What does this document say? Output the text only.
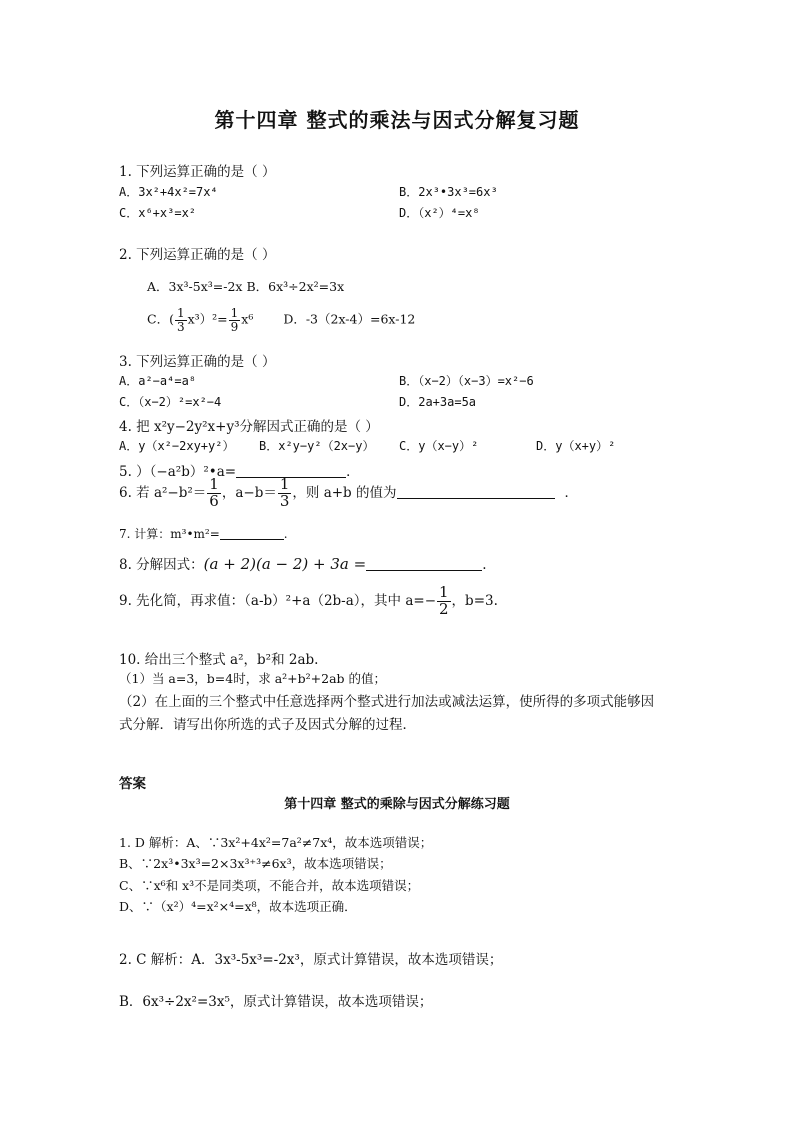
第十四章 整式的乘法与因式分解复习题
1. 下列运算正确的是（ ）
A．3x²+4x²=7x⁴	B．2x³•3x³=6x³
C．x⁶+x³=x²	D．（x²）⁴=x⁸
2. 下列运算正确的是（ ）
A．3x³-5x³=-2x B．6x³÷2x²=3x
C．( $\frac{1}{3} x^3)^2= \frac{1}{9} x^6$ D．-3（2x-4）=6x-12
3. 下列运算正确的是（ ）
A．a²−a⁴=a⁸	B．（x−2）（x−3）=x²−6
C．（x−2）²=x²−4	D．2a+3a=5a
4. 把 x²y−2y²x+y³分解因式正确的是（ ）
A．y（x²−2xy+y²） B．x²y−y²（2x−y） C．y（x−y）²	D．y（x+y）²
5. ）（−a²b）²•a=	．
6. 若 $a^2-b^2= \frac{1}{6}$ ，$a-b= \frac{1}{3}$ ，则 a+b 的值为	．
7. 计算：m³•m²=	.
8. 分解因式：(a + 2)(a − 2) + 3a =	.
9. 先化简，再求值：（a-b）²+a（2b-a），其中 $a=- \frac{1}{2}$ ，b=3.
10. 给出三个整式 a²，b²和 2ab.
（1）当 a=3，b=4时，求 a²+b²+2ab 的值；
（2）在上面的三个整式中任意选择两个整式进行加法或减法运算，使所得的多项式能够因
式分解．请写出你所选的式子及因式分解的过程．
答案
第十四章 整式的乘除与因式分解练习题
1. D 解析：A、∵3x²+4x²=7a²≠7x⁴，故本选项错误；
B、∵2x³•3x³=2×3x³⁺³≠6x³，故本选项错误；
C、∵x⁶和 x³不是同类项，不能合并，故本选项错误；
D、∵（x²）⁴=x²×⁴=x⁸，故本选项正确．
2. C 解析：A．3x³-5x³=-2x³，原式计算错误，故本选项错误；
B．6x³÷2x²=3x⁵，原式计算错误，故本选项错误；
